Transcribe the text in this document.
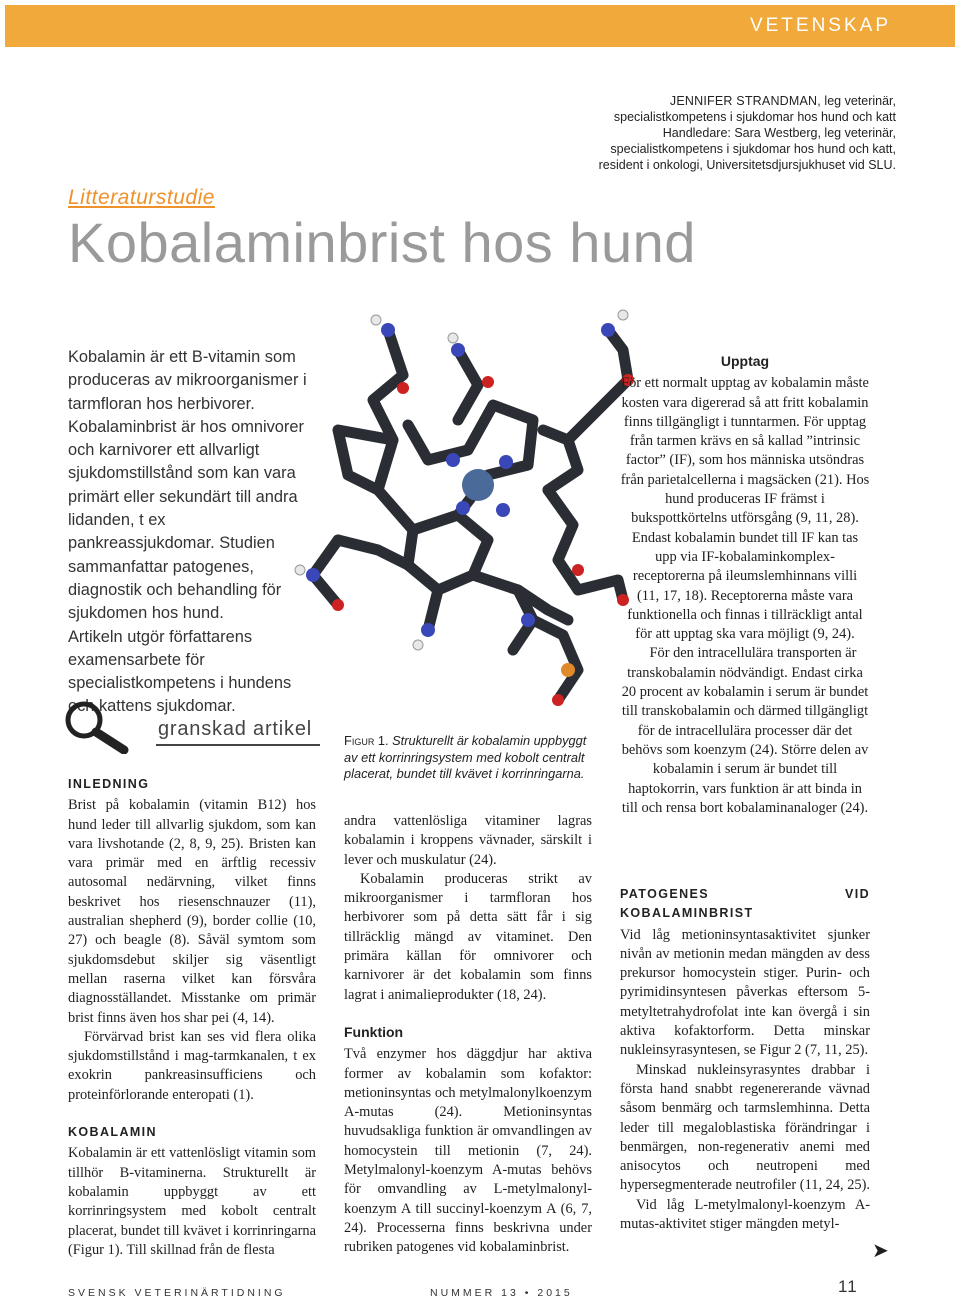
VETENSKAP
JENNIFER STRANDMAN, leg veterinär,
specialistkompetens i sjukdomar hos hund och katt
Handledare: Sara Westberg, leg veterinär,
specialistkompetens i sjukdomar hos hund och katt,
resident i onkologi, Universitetsdjursjukhuset vid SLU.
Litteraturstudie
Kobalaminbrist hos hund

Kobalamin är ett B-vitamin som produceras av mikroorganismer i tarmfloran hos herbivorer. Kobalaminbrist är hos omnivorer och karnivorer ett allvarligt sjukdomstillstånd som kan vara primärt eller sekundärt till andra lidanden, t ex pankreassjukdomar. Studien sammanfattar patogenes, diagnostik och behandling för sjukdomen hos hund.

Artikeln utgör författarens examensarbete för specialistkompetens i hundens och kattens sjukdomar.

Upptag

För ett normalt upptag av kobalamin måste kosten vara digererad så att fritt kobalamin finns tillgängligt i tunntarmen. För upptag från tarmen krävs en så kallad ”intrinsic factor” (IF), som hos människa utsöndras från parietalcellerna i magsäcken (21). Hos hund produceras IF främst i bukspottkörtelns utförsgång (9, 11, 28). Endast kobalamin bundet till IF kan tas upp via IF-kobalaminkomplex-receptorerna på ileumslemhinnans villi (11, 17, 18). Receptorerna måste vara funktionella och finnas i tillräckligt antal för att upptag ska vara möjligt (9, 24).

För den intracellulära transporten är transkobalamin nödvändigt. Endast cirka 20 procent av kobalamin i serum är bundet till transkobalamin och därmed tillgängligt för de intracellulära processer där det behövs som koenzym (24). Större delen av kobalamin i serum är bundet till haptokorrin, vars funktion är att binda in till och rensa bort kobalaminanaloger (24).

granskad artikel
Figur 1. Strukturellt är kobalamin uppbyggt av ett korrinringsystem med kobolt centralt placerat, bundet till kvävet i korrinringarna.
INLEDNING

Brist på kobalamin (vitamin B12) hos hund leder till allvarlig sjukdom, som kan vara livshotande (2, 8, 9, 25). Bristen kan vara primär med en ärftlig recessiv autosomal nedärvning, vilket finns beskrivet hos riesenschnauzer (11), australian shepherd (9), border collie (10, 27) och beagle (8). Såväl symtom som sjukdomsdebut skiljer sig väsentligt mellan raserna vilket kan försvåra diagnosställandet. Misstanke om primär brist finns även hos shar pei (4, 14).

Förvärvad brist kan ses vid flera olika sjukdomstillstånd i mag-tarmkanalen, t ex exokrin pankreasinsufficiens och proteinförlorande enteropati (1).

KOBALAMIN

Kobalamin är ett vattenlösligt vitamin som tillhör B-vitaminerna. Strukturellt är kobalamin uppbyggt av ett korrinringsystem med kobolt centralt placerat, bundet till kvävet i korrinringarna (Figur 1). Till skillnad från de flesta

andra vattenlösliga vitaminer lagras kobalamin i kroppens vävnader, särskilt i lever och muskulatur (24).

Kobalamin produceras strikt av mikroorganismer i tarmfloran hos herbivorer som på detta sätt får i sig tillräcklig mängd av vitaminet. Den primära källan för omnivorer och karnivorer är det kobalamin som finns lagrat i animalieprodukter (18, 24).

Funktion

Två enzymer hos däggdjur har aktiva former av kobalamin som kofaktor: metioninsyntas och metylmalonylkoenzym A-mutas (24). Metioninsyntas huvudsakliga funktion är omvandlingen av homocystein till metionin (7, 24). Metylmalonyl-koenzym A-mutas behövs för omvandling av L-metylmalonyl-koenzym A till succinyl-koenzym A (6, 7, 24). Processerna finns beskrivna under rubriken patogenes vid kobalaminbrist.

PATOGENES VID KOBALAMINBRIST

Vid låg metioninsyntasaktivitet sjunker nivån av metionin medan mängden av dess prekursor homocystein stiger. Purin- och pyrimidinsyntesen påverkas eftersom 5-metyltetrahydrofolat inte kan övergå i sin aktiva kofaktorform. Detta minskar nukleinsyrasyntesen, se Figur 2 (7, 11, 25).

Minskad nukleinsyrasyntes drabbar i första hand snabbt regenererande vävnad såsom benmärg och tarmslemhinna. Detta leder till megaloblastiska förändringar i benmärgen, non-regenerativ anemi med anisocytos och neutropeni med hypersegmenterade neutrofiler (11, 24, 25).

Vid låg L-metylmalonyl-koenzym A-mutas-aktivitet stiger mängden metyl-

➤
SVENSK VETERINÄRTIDNING	NUMMER 13 • 2015	11
